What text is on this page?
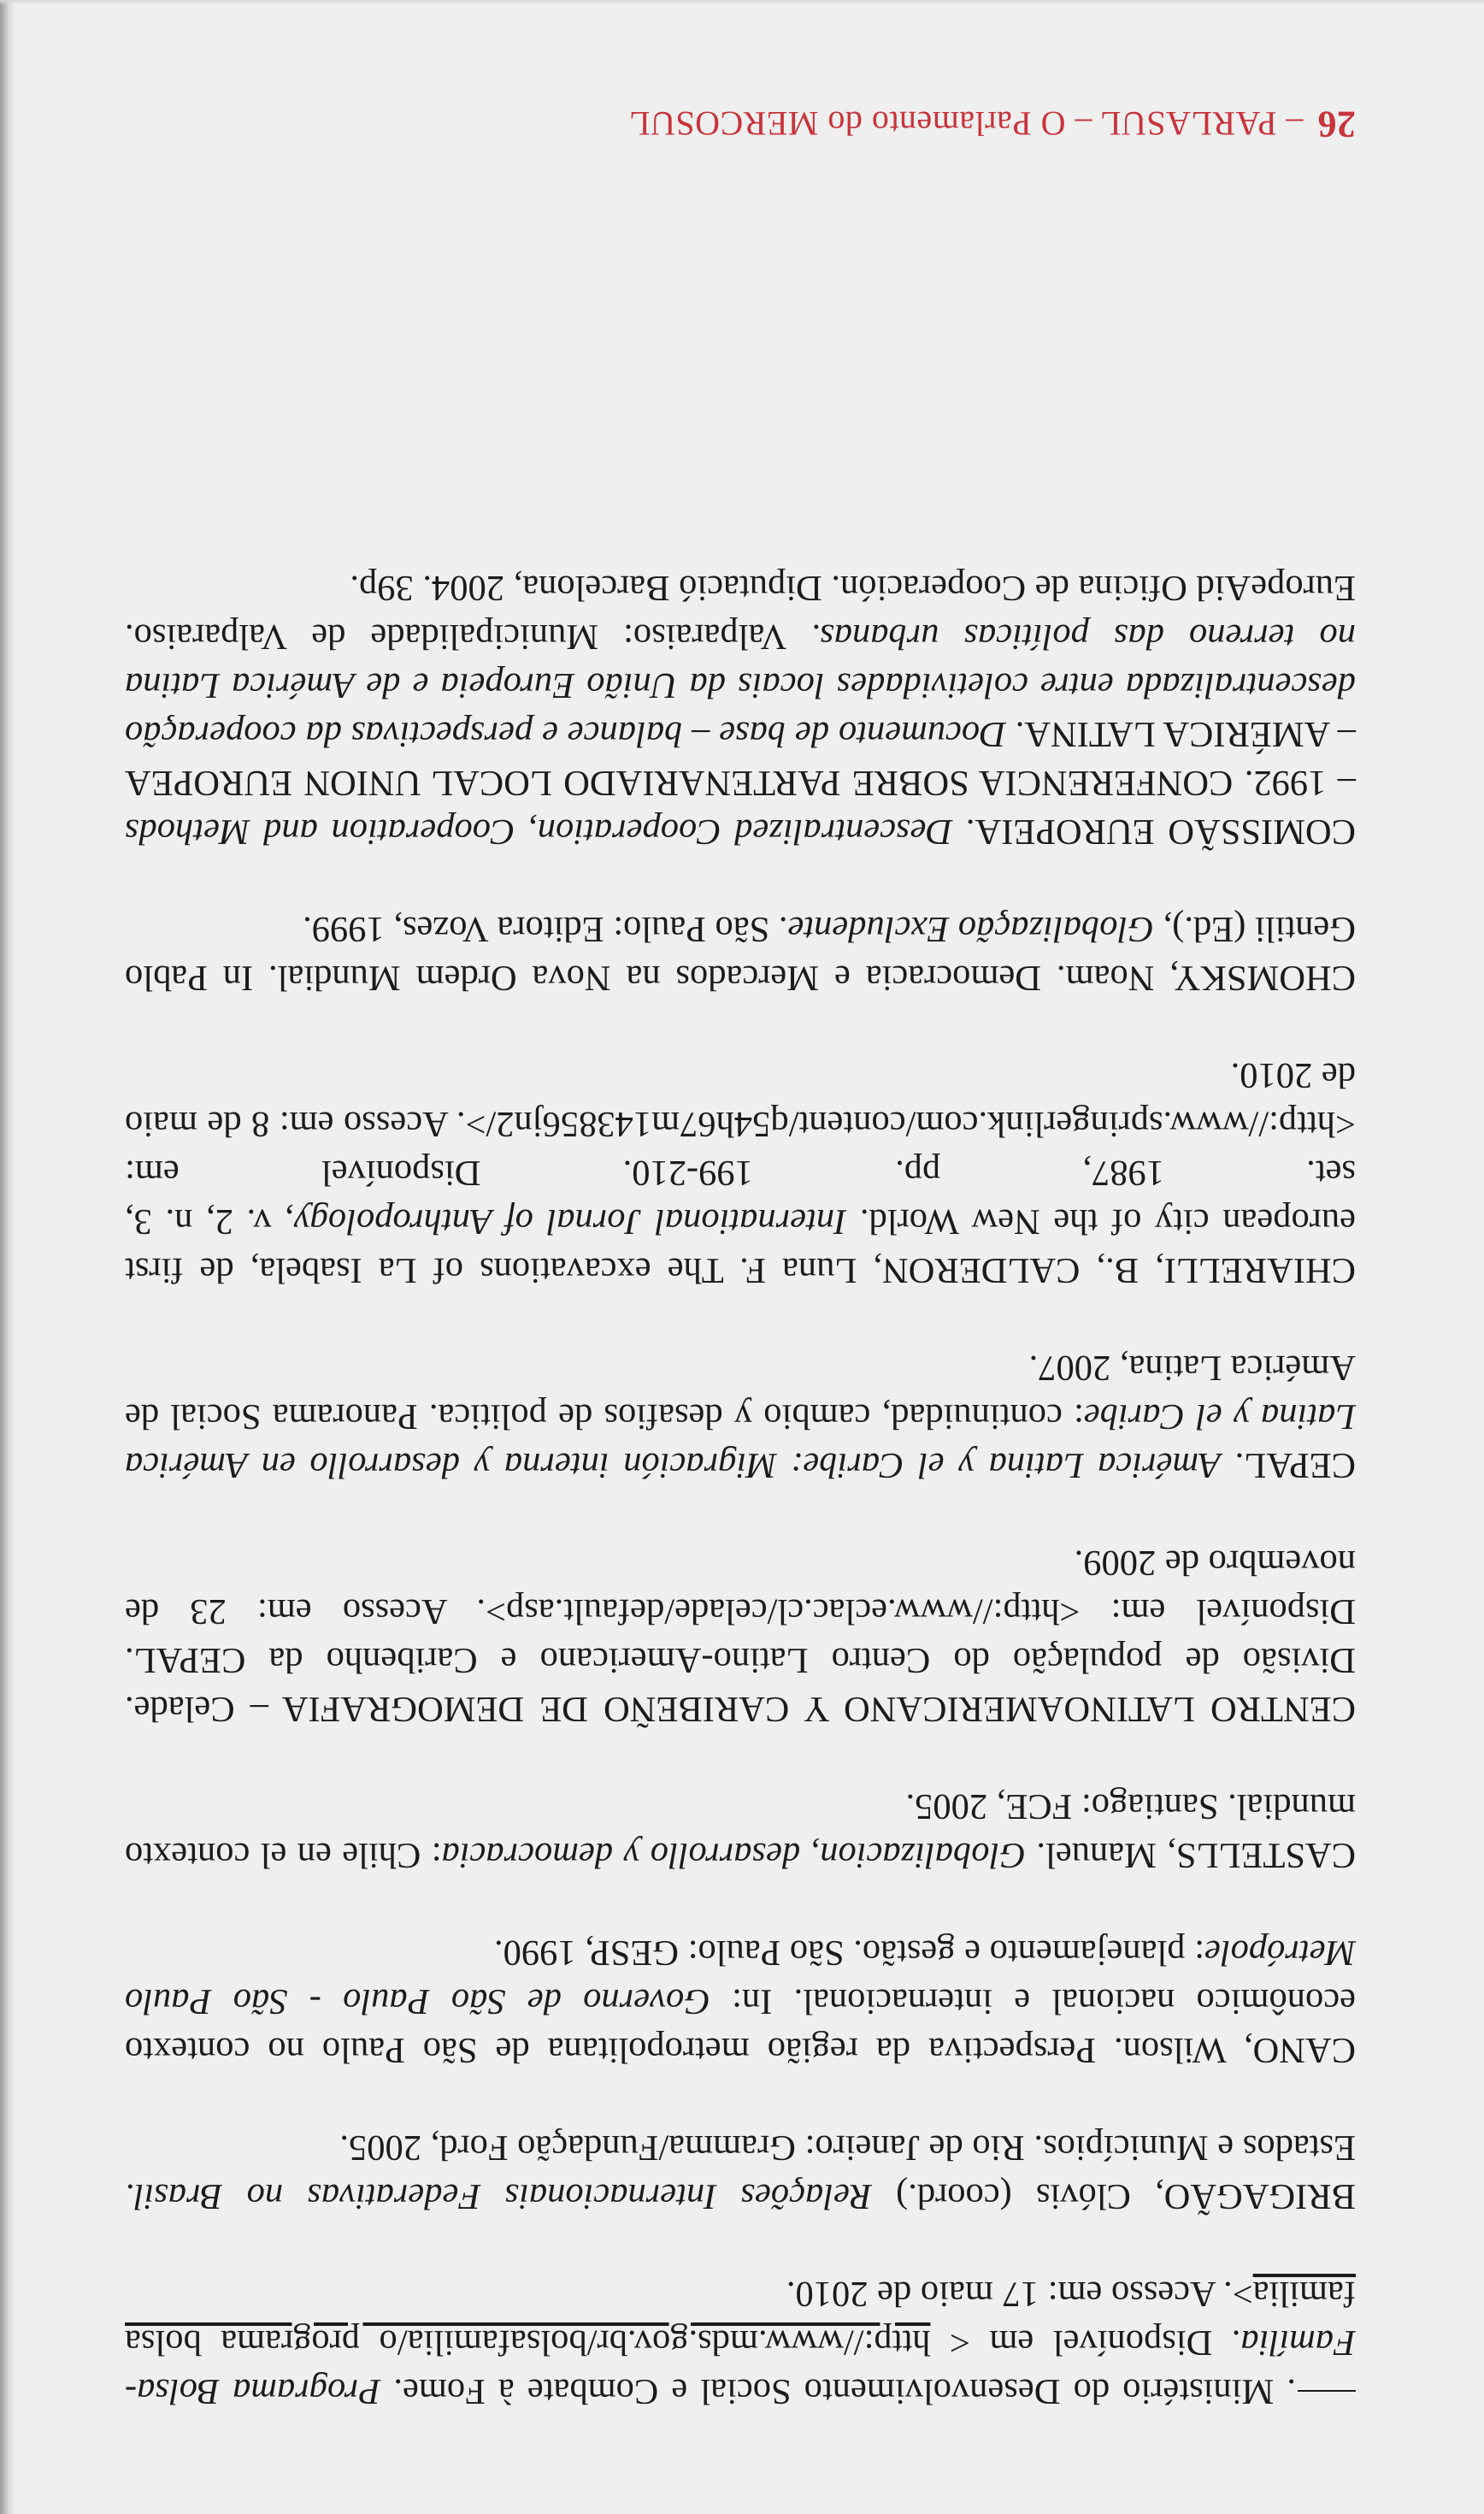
. Ministério do Desenvolvimento Social e Combate à Fome. Programa Bolsa-Família. Disponível em < http://www.mds.gov.br/bolsafamilia/o programa bolsa familia>. Acesso em: 17 maio de 2010.

BRIGAGÃO, Clóvis (coord.) Relações Internacionais Federativas no Brasil. Estados e Municípios. Rio de Janeiro: Gramma/Fundação Ford, 2005.

CANO, Wilson. Perspectiva da região metropolitana de São Paulo no contexto econômico nacional e internacional. In: Governo de São Paulo - São Paulo Metrópole: planejamento e gestão. São Paulo: GESP, 1990.

CASTELLS, Manuel. Globalizacion, desarrollo y democracia: Chile en el contexto mundial. Santiago: FCE, 2005.

CENTRO LATINOAMERICANO Y CARIBEÑO DE DEMOGRAFIA – Celade. Divisão de população do Centro Latino-Americano e Caribenho da CEPAL. Disponível em: <http://www.eclac.cl/celade/default.asp>. Acesso em: 23 de novembro de 2009.

CEPAL. América Latina y el Caribe: Migración interna y desarrollo en América Latina y el Caribe: continuidad, cambio y desafios de politica. Panorama Social de América Latina, 2007.

CHIARELLI, B., CALDERON, Luna F. The excavations of La Isabela, de first european city of the New World. International Jornal of Anthropology, v. 2, n. 3, set. 1987, pp. 199-210. Disponível em: <http://www.springerlink.com/content/q54h67m143856jn2/>. Acesso em: 8 de maio de 2010.

CHOMSKY, Noam. Democracia e Mercados na Nova Ordem Mundial. In Pablo Gentili (Ed.), Globalização Excludente. São Paulo: Editora Vozes, 1999.

COMISSÃO EUROPEIA. Descentralized Cooperation, Cooperation and Methods – 1992. CONFERENCIA SOBRE PARTENARIADO LOCAL UNION EUROPEA – AMÉRICA LATINA. Documento de base – balance e perspectivas da cooperação descentralizada entre coletividades locais da União Europeia e de América Latina no terreno das políticas urbanas. Valparaiso: Municipalidade de Valparaiso. EuropeAid Oficina de Cooperación. Diputació Barcelona, 2004. 39p.

26 – PARLASUL – O Parlamento do MERCOSUL
